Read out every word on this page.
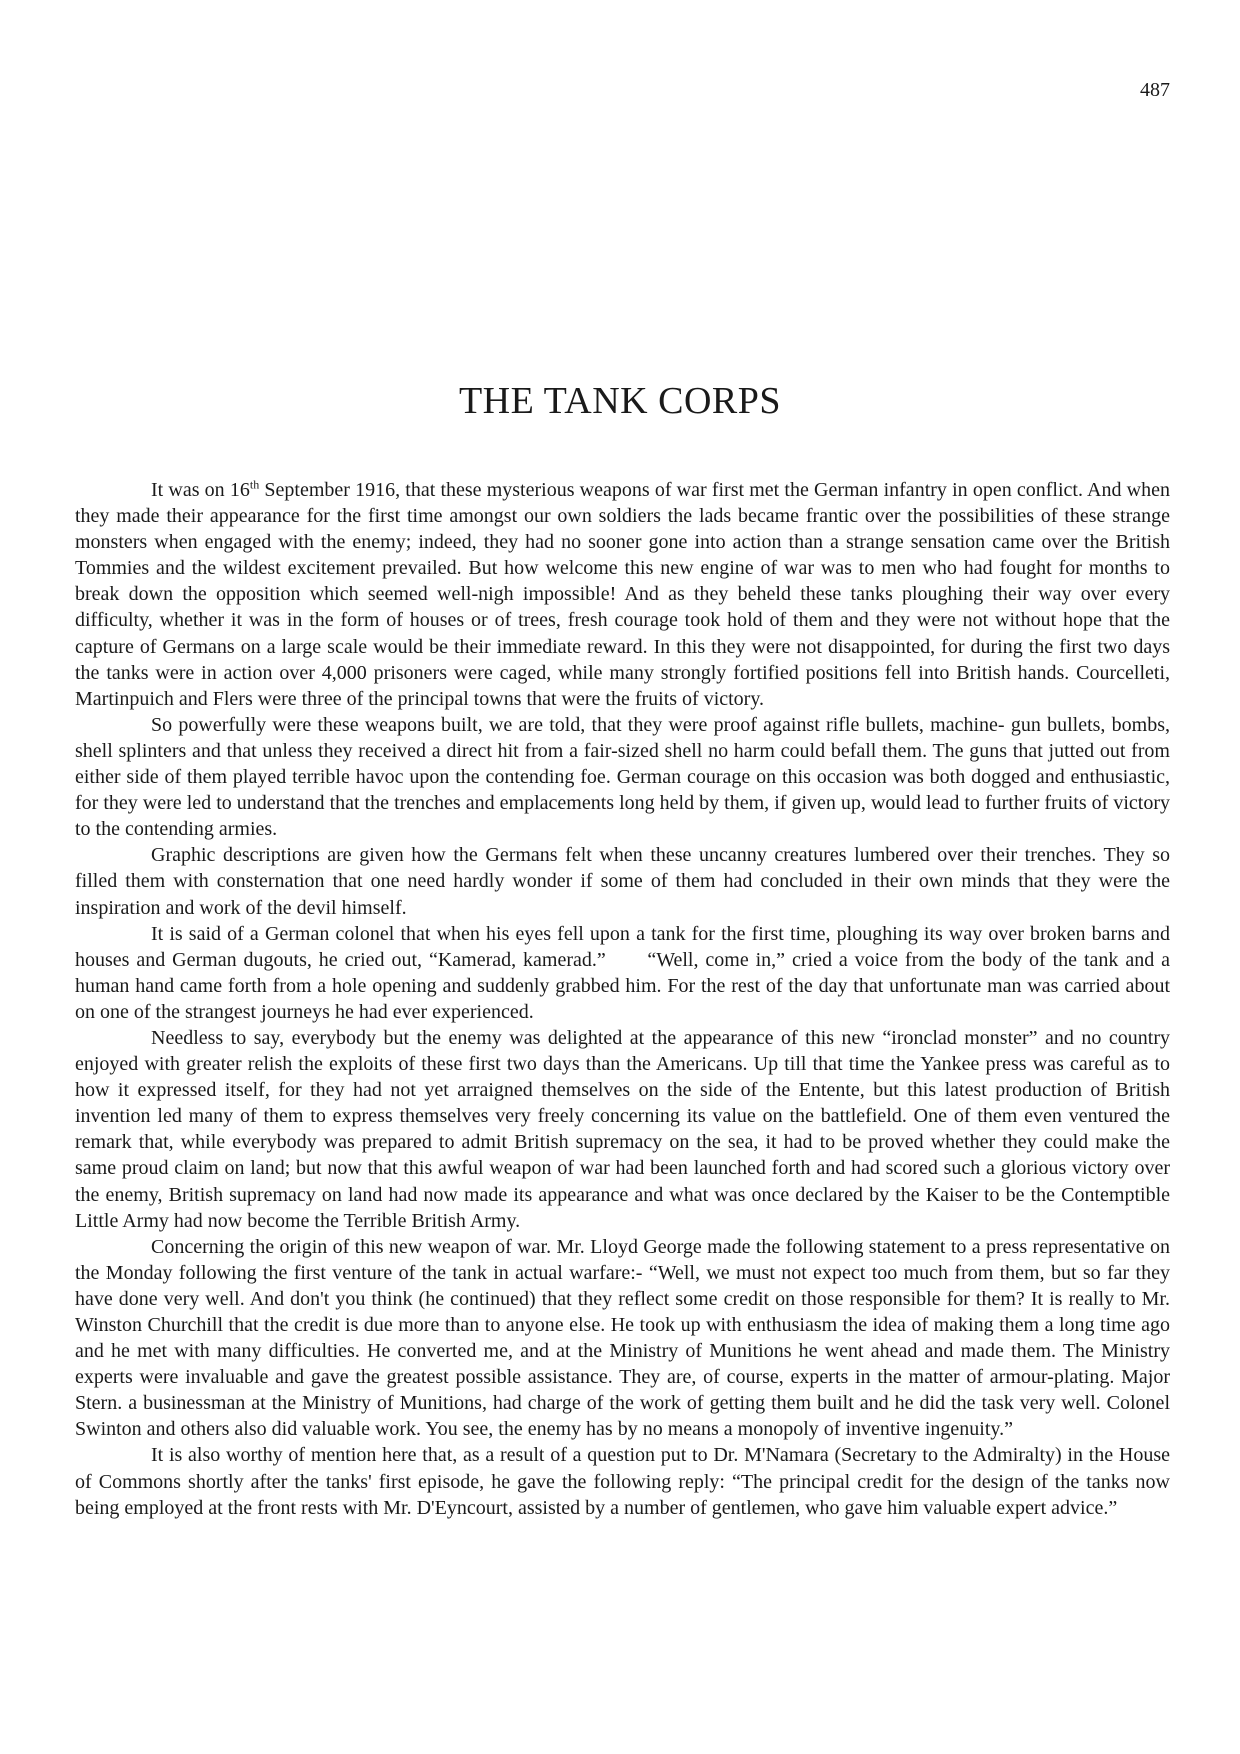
487
THE TANK CORPS

It was on 16th September 1916, that these mysterious weapons of war first met the German infantry in open conflict. And when they made their appearance for the first time amongst our own soldiers the lads became frantic over the possibilities of these strange monsters when engaged with the enemy; indeed, they had no sooner gone into action than a strange sensation came over the British Tommies and the wildest excitement prevailed. But how welcome this new engine of war was to men who had fought for months to break down the opposition which seemed well-nigh impossible! And as they beheld these tanks ploughing their way over every difficulty, whether it was in the form of houses or of trees, fresh courage took hold of them and they were not without hope that the capture of Germans on a large scale would be their immediate reward. In this they were not disappointed, for during the first two days the tanks were in action over 4,000 prisoners were caged, while many strongly fortified positions fell into British hands. Courcelleti, Martinpuich and Flers were three of the principal towns that were the fruits of victory.

So powerfully were these weapons built, we are told, that they were proof against rifle bullets, machine- gun bullets, bombs, shell splinters and that unless they received a direct hit from a fair-sized shell no harm could befall them. The guns that jutted out from either side of them played terrible havoc upon the contending foe. German courage on this occasion was both dogged and enthusiastic, for they were led to understand that the trenches and emplacements long held by them, if given up, would lead to further fruits of victory to the contending armies.

Graphic descriptions are given how the Germans felt when these uncanny creatures lumbered over their trenches. They so filled them with consternation that one need hardly wonder if some of them had concluded in their own minds that they were the inspiration and work of the devil himself.

It is said of a German colonel that when his eyes fell upon a tank for the first time, ploughing its way over broken barns and houses and German dugouts, he cried out, “Kamerad, kamerad.”      “Well, come in,” cried a voice from the body of the tank and a human hand came forth from a hole opening and suddenly grabbed him. For the rest of the day that unfortunate man was carried about on one of the strangest journeys he had ever experienced.

Needless to say, everybody but the enemy was delighted at the appearance of this new “ironclad monster” and no country enjoyed with greater relish the exploits of these first two days than the Americans. Up till that time the Yankee press was careful as to how it expressed itself, for they had not yet arraigned themselves on the side of the Entente, but this latest production of British invention led many of them to express themselves very freely concerning its value on the battlefield. One of them even ventured the remark that, while everybody was prepared to admit British supremacy on the sea, it had to be proved whether they could make the same proud claim on land; but now that this awful weapon of war had been launched forth and had scored such a glorious victory over the enemy, British supremacy on land had now made its appearance and what was once declared by the Kaiser to be the Contemptible Little Army had now become the Terrible British Army.

Concerning the origin of this new weapon of war. Mr. Lloyd George made the following statement to a press representative on the Monday following the first venture of the tank in actual warfare:- “Well, we must not expect too much from them, but so far they have done very well. And don't you think (he continued) that they reflect some credit on those responsible for them? It is really to Mr. Winston Churchill that the credit is due more than to anyone else. He took up with enthusiasm the idea of making them a long time ago and he met with many difficulties. He converted me, and at the Ministry of Munitions he went ahead and made them. The Ministry experts were invaluable and gave the greatest possible assistance. They are, of course, experts in the matter of armour-plating. Major Stern. a businessman at the Ministry of Munitions, had charge of the work of getting them built and he did the task very well. Colonel Swinton and others also did valuable work. You see, the enemy has by no means a monopoly of inventive ingenuity.”

It is also worthy of mention here that, as a result of a question put to Dr. M'Namara (Secretary to the Admiralty) in the House of Commons shortly after the tanks' first episode, he gave the following reply: “The principal credit for the design of the tanks now being employed at the front rests with Mr. D'Eyncourt, assisted by a number of gentlemen, who gave him valuable expert advice.”
